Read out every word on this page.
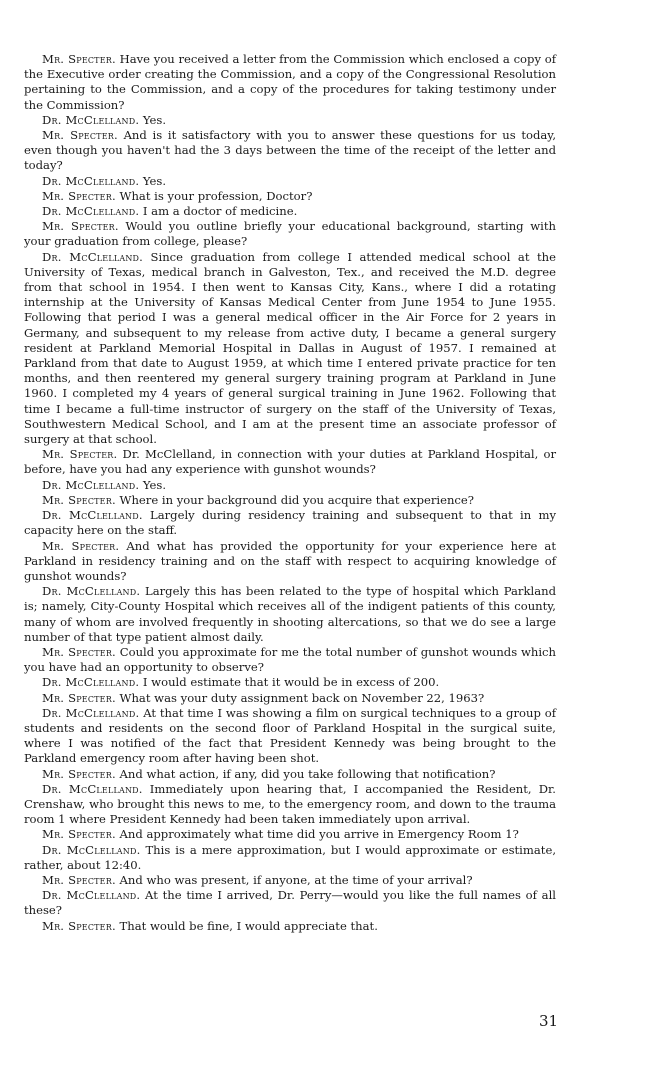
Mr. Specter. Have you received a letter from the Commission which enclosed a copy of the Executive order creating the Commission, and a copy of the Congressional Resolution pertaining to the Commission, and a copy of the procedures for taking testimony under the Commission?

Dr. McClelland. Yes.

Mr. Specter. And is it satisfactory with you to answer these questions for us today, even though you haven't had the 3 days between the time of the receipt of the letter and today?

Dr. McClelland. Yes.

Mr. Specter. What is your profession, Doctor?

Dr. McClelland. I am a doctor of medicine.

Mr. Specter. Would you outline briefly your educational background, starting with your graduation from college, please?

Dr. McClelland. Since graduation from college I attended medical school at the University of Texas, medical branch in Galveston, Tex., and received the M.D. degree from that school in 1954. I then went to Kansas City, Kans., where I did a rotating internship at the University of Kansas Medical Center from June 1954 to June 1955. Following that period I was a general medical officer in the Air Force for 2 years in Germany, and subsequent to my release from active duty, I became a general surgery resident at Parkland Memorial Hospital in Dallas in August of 1957. I remained at Parkland from that date to August 1959, at which time I entered private practice for ten months, and then reentered my general surgery training program at Parkland in June 1960. I completed my 4 years of general surgical training in June 1962. Following that time I became a full-time instructor of surgery on the staff of the University of Texas, Southwestern Medical School, and I am at the present time an associate professor of surgery at that school.

Mr. Specter. Dr. McClelland, in connection with your duties at Parkland Hospital, or before, have you had any experience with gunshot wounds?

Dr. McClelland. Yes.

Mr. Specter. Where in your background did you acquire that experience?

Dr. McClelland. Largely during residency training and subsequent to that in my capacity here on the staff.

Mr. Specter. And what has provided the opportunity for your experience here at Parkland in residency training and on the staff with respect to acquiring knowledge of gunshot wounds?

Dr. McClelland. Largely this has been related to the type of hospital which Parkland is; namely, City-County Hospital which receives all of the indigent patients of this county, many of whom are involved frequently in shooting altercations, so that we do see a large number of that type patient almost daily.

Mr. Specter. Could you approximate for me the total number of gunshot wounds which you have had an opportunity to observe?

Dr. McClelland. I would estimate that it would be in excess of 200.

Mr. Specter. What was your duty assignment back on November 22, 1963?

Dr. McClelland. At that time I was showing a film on surgical techniques to a group of students and residents on the second floor of Parkland Hospital in the surgical suite, where I was notified of the fact that President Kennedy was being brought to the Parkland emergency room after having been shot.

Mr. Specter. And what action, if any, did you take following that notification?

Dr. McClelland. Immediately upon hearing that, I accompanied the Resident, Dr. Crenshaw, who brought this news to me, to the emergency room, and down to the trauma room 1 where President Kennedy had been taken immediately upon arrival.

Mr. Specter. And approximately what time did you arrive in Emergency Room 1?

Dr. McClelland. This is a mere approximation, but I would approximate or estimate, rather, about 12:40.

Mr. Specter. And who was present, if anyone, at the time of your arrival?

Dr. McClelland. At the time I arrived, Dr. Perry—would you like the full names of all these?

Mr. Specter. That would be fine, I would appreciate that.

31
